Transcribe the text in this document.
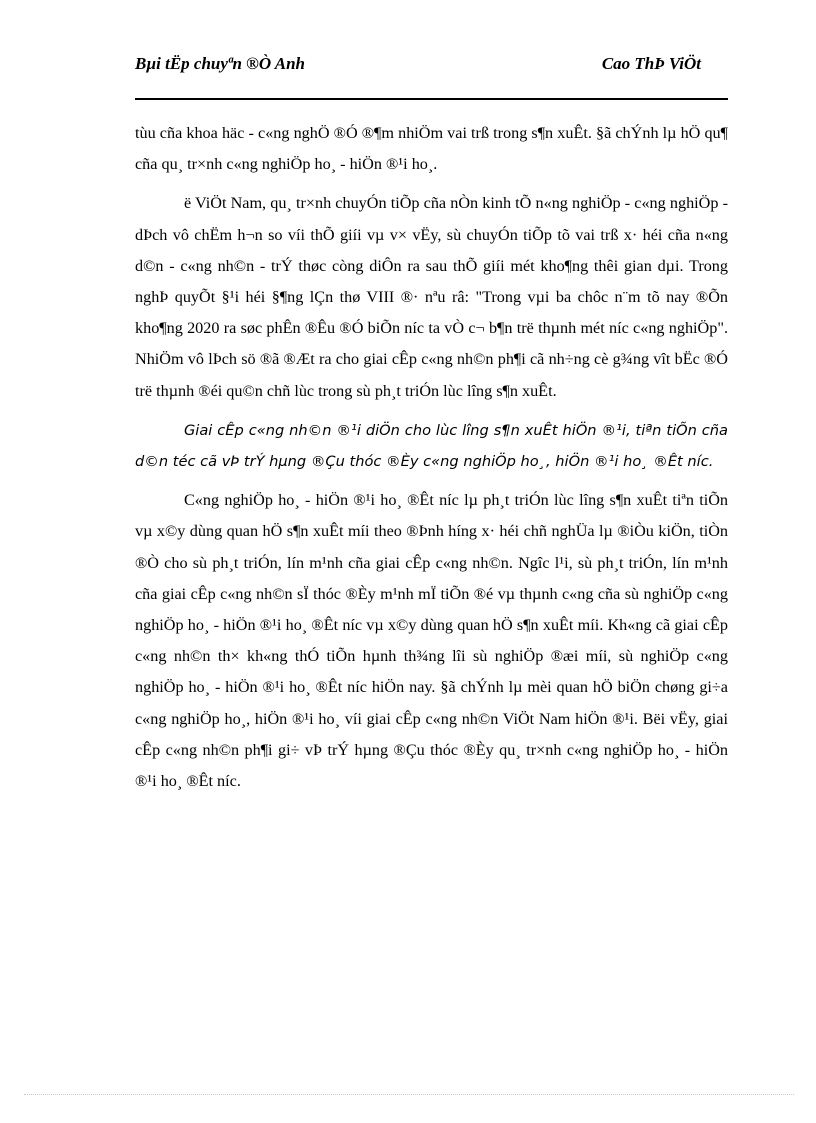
Bµi tËp chuyªn ®Ò Anh	Cao ThÞ ViÖt

tùu cña khoa häc - c«ng nghÖ ®Ó ®¶m nhiÖm vai trß trong s¶n xuÊt. §ã chÝnh lµ hÖ qu¶ cña qu¸ tr×nh c«ng nghiÖp ho¸ - hiÖn ®¹i ho¸.

ë ViÖt Nam, qu¸ tr×nh chuyÓn tiÕp cña nÒn kinh tÕ n«ng nghiÖp - c«ng nghiÖp - dÞch vô chËm h¬n so víi thÕ giíi vµ v× vËy, sù chuyÓn tiÕp tõ vai trß x· héi cña n«ng d©n - c«ng nh©n - trÝ thøc còng diÔn ra sau thÕ giíi mét kho¶ng thêi gian dµi. Trong nghÞ quyÕt §¹i héi §¶ng lÇn thø VIII ®· nªu râ: "Trong vµi ba chôc n¨m tõ nay ®Õn kho¶ng 2020 ra søc phÊn ®Êu ®Ó biÕn níc ta vÒ c¬ b¶n trë thµnh mét níc c«ng nghiÖp". NhiÖm vô lÞch sö ®ã ®Æt ra cho giai cÊp c«ng nh©n ph¶i cã nh÷ng cè g¾ng vît bËc ®Ó trë thµnh ®éi qu©n chñ lùc trong sù ph¸t triÓn lùc lîng s¶n xuÊt.

Giai cÊp c«ng nh©n ®¹i diÖn cho lùc lîng s¶n xuÊt hiÖn ®¹i, tiªn tiÕn cña d©n téc cã vÞ trÝ hµng ®Çu thóc ®Èy c«ng nghiÖp ho¸, hiÖn ®¹i ho¸ ®Êt níc.

C«ng nghiÖp ho¸ - hiÖn ®¹i ho¸ ®Êt níc lµ ph¸t triÓn lùc lîng s¶n xuÊt tiªn tiÕn vµ x©y dùng quan hÖ s¶n xuÊt míi theo ®Þnh híng x· héi chñ nghÜa lµ ®iÒu kiÖn, tiÒn ®Ò cho sù ph¸t triÓn, lín m¹nh cña giai cÊp c«ng nh©n. Ngîc l¹i, sù ph¸t triÓn, lín m¹nh cña giai cÊp c«ng nh©n sÏ thóc ®Èy m¹nh mÏ tiÕn ®é vµ thµnh c«ng cña sù nghiÖp c«ng nghiÖp ho¸ - hiÖn ®¹i ho¸ ®Êt níc vµ x©y dùng quan hÖ s¶n xuÊt míi. Kh«ng cã giai cÊp c«ng nh©n th× kh«ng thÓ tiÕn hµnh th¾ng lîi sù nghiÖp ®æi míi, sù nghiÖp c«ng nghiÖp ho¸ - hiÖn ®¹i ho¸ ®Êt níc hiÖn nay. §ã chÝnh lµ mèi quan hÖ biÖn chøng gi÷a c«ng nghiÖp ho¸, hiÖn ®¹i ho¸ víi giai cÊp c«ng nh©n ViÖt Nam hiÖn ®¹i. Bëi vËy, giai cÊp c«ng nh©n ph¶i gi÷ vÞ trÝ hµng ®Çu thóc ®Èy qu¸ tr×nh c«ng nghiÖp ho¸ - hiÖn ®¹i ho¸ ®Êt níc.
